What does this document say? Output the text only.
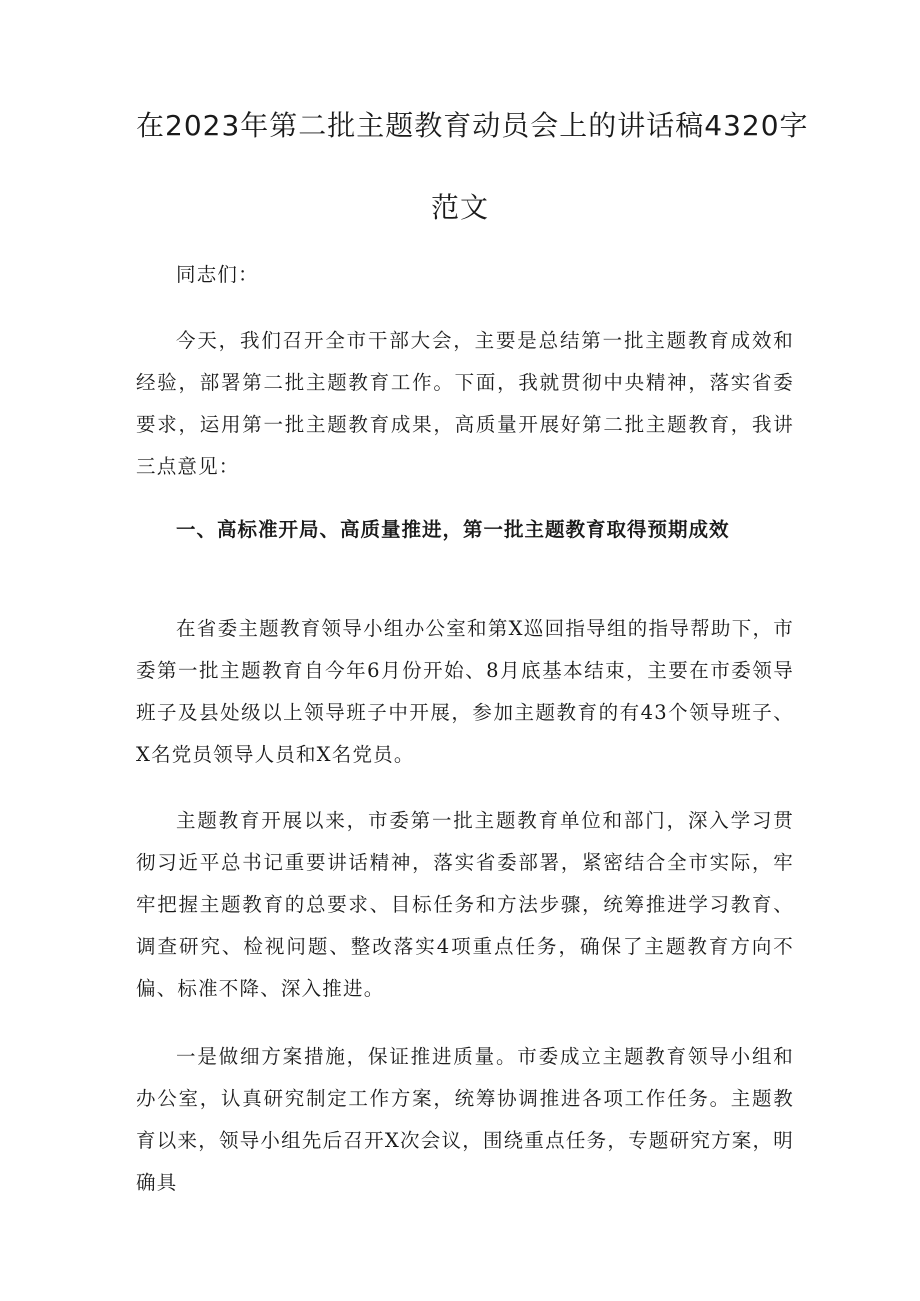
在2023年第二批主题教育动员会上的讲话稿4320字
范文
同志们：
今天，我们召开全市干部大会，主要是总结第一批主题教育成效和经验，部署第二批主题教育工作。下面，我就贯彻中央精神，落实省委要求，运用第一批主题教育成果，高质量开展好第二批主题教育，我讲三点意见：
一、高标准开局、高质量推进，第一批主题教育取得预期成效
在省委主题教育领导小组办公室和第X巡回指导组的指导帮助下，市委第一批主题教育自今年6月份开始、8月底基本结束，主要在市委领导班子及县处级以上领导班子中开展，参加主题教育的有43个领导班子、X名党员领导人员和X名党员。
主题教育开展以来，市委第一批主题教育单位和部门，深入学习贯彻习近平总书记重要讲话精神，落实省委部署，紧密结合全市实际，牢牢把握主题教育的总要求、目标任务和方法步骤，统筹推进学习教育、调查研究、检视问题、整改落实4项重点任务，确保了主题教育方向不偏、标准不降、深入推进。
一是做细方案措施，保证推进质量。市委成立主题教育领导小组和办公室，认真研究制定工作方案，统筹协调推进各项工作任务。主题教育以来，领导小组先后召开X次会议，围绕重点任务，专题研究方案，明确具
